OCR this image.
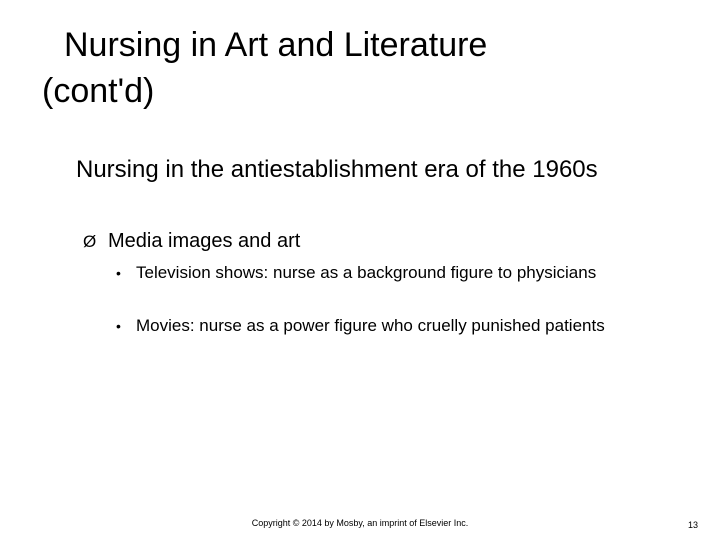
Nursing in Art and Literature
(cont'd)
Nursing in the antiestablishment era of the 1960s
Ø Media images and art
• Television shows: nurse as a background figure to physicians
• Movies: nurse as a power figure who cruelly punished patients
Copyright © 2014 by Mosby, an imprint of Elsevier Inc.	13
